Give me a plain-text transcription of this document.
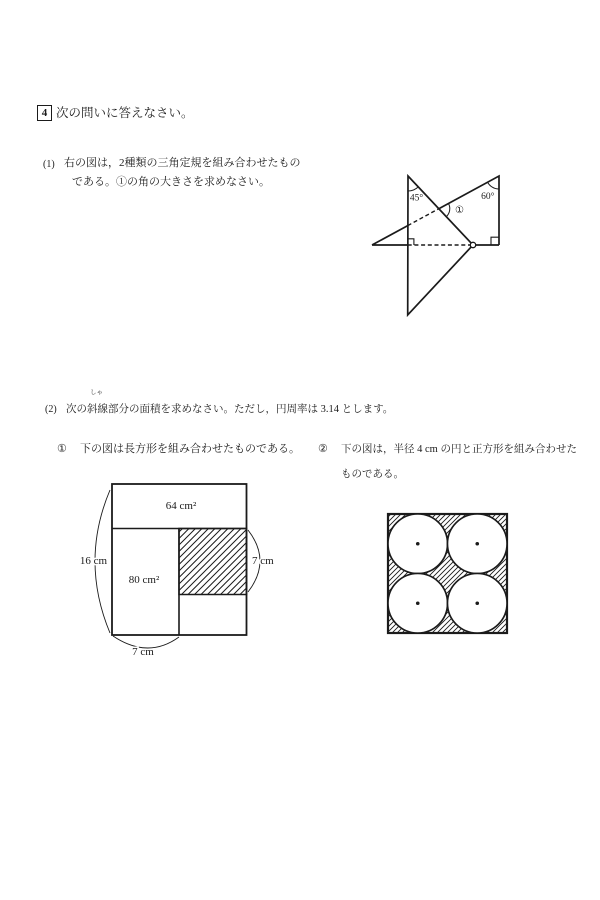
4 次の問いに答えなさい。
(1) 右の図は，2種類の三角定規を組み合わせたもの
である。①の角の大きさを求めなさい。
45°	60°
①
(2)
しゃ
次の斜線部分の面積を求めなさい。ただし，円周率は 3.14 とします。
① 下の図は長方形を組み合わせたものである。 ② 下の図は，半径 4 cm の円と正方形を組み合わせた
ものである。
64 cm²
80 cm²
16 cm	7 cm
7 cm
